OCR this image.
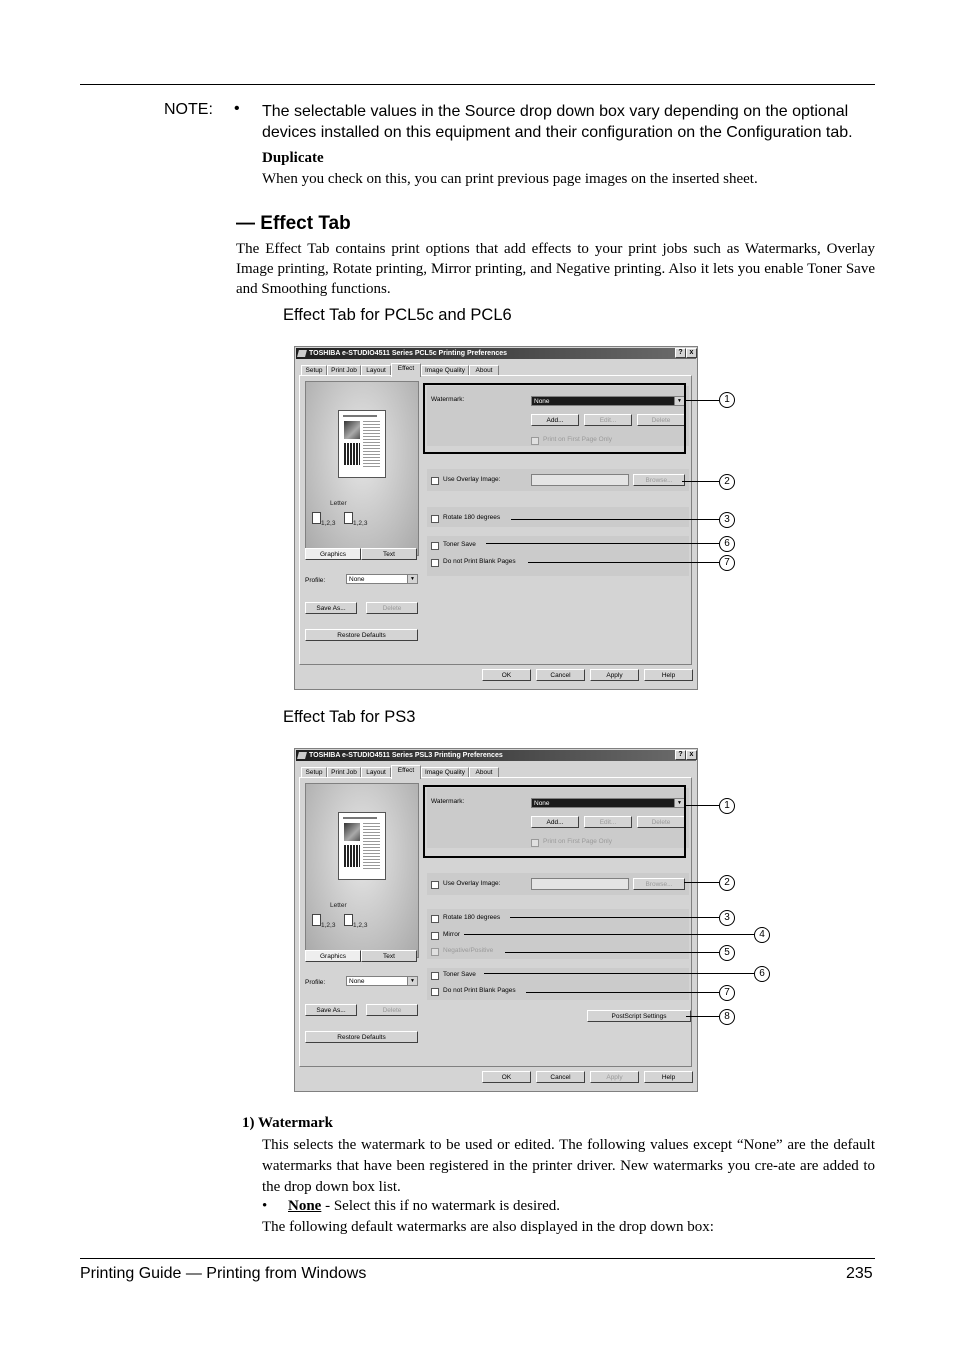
NOTE: • The selectable values in the Source drop down box vary depending on the optional devices installed on this equipment and their configuration on the Configuration tab.
Duplicate
When you check on this, you can print previous page images on the inserted sheet.
— Effect Tab
The Effect Tab contains print options that add effects to your print jobs such as Watermarks, Overlay Image printing, Rotate printing, Mirror printing, and Negative printing. Also it lets you enable Toner Save and Smoothing functions.
Effect Tab for PCL5c and PCL6
TOSHIBA e-STUDIO4511 Series PCL5c Printing Preferences	? x
Setup	Print Job	Layout	Effect	Image Quality	About
Letter
1,2,3	1,2,3
Graphics	Text
Profile:	None	▼
Save As...	Delete
Restore Defaults
Watermark:	None	▼
Add...	Edit...	Delete
Print on First Page Only
Use Overlay Image:	Browse...
Rotate 180 degrees
Toner Save
Do not Print Blank Pages
OK	Cancel	Apply	Help
1
2
3
6
7
Effect Tab for PS3
TOSHIBA e-STUDIO4511 Series PSL3 Printing Preferences	? x
Setup	Print Job	Layout	Effect	Image Quality	About
Letter
1,2,3	1,2,3
Graphics	Text
Profile:	None	▼
Save As...	Delete
Restore Defaults
Watermark:	None	▼
Add...	Edit...	Delete
Print on First Page Only
Use Overlay Image:	Browse...
Rotate 180 degrees
Mirror
Negative/Positive
Toner Save
Do not Print Blank Pages
PostScript Settings
OK	Cancel	Apply	Help
1
2
3
4
5
6
7
8
1) Watermark
This selects the watermark to be used or edited. The following values except “None” are the default watermarks that have been registered in the printer driver. New watermarks you cre-ate are added to the drop down box list.
• None - Select this if no watermark is desired.
The following default watermarks are also displayed in the drop down box:
Printing Guide — Printing from Windows	235
